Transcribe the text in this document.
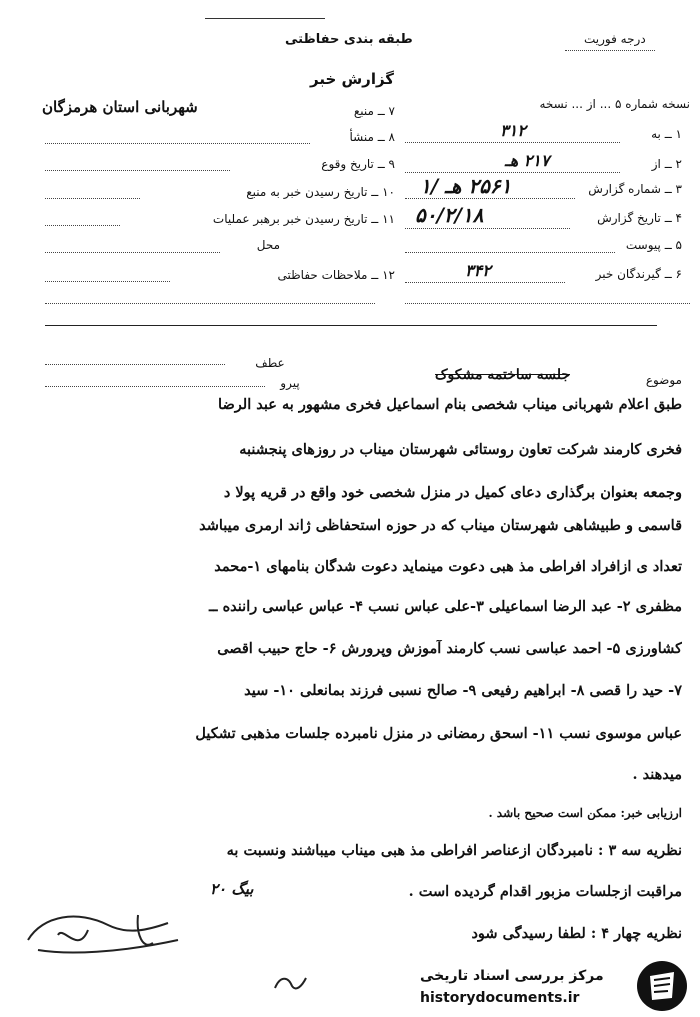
طبقه بندی حفاظتی	درجه فوریت
گزارش خبر
نسخه شماره ۵ ... از ... نسخه
۱ ــ به
۳۱۲
۲ ــ از
۲۱۷ هـ
۳ ــ شماره گزارش
۲۵۶۱ هـ /۱
۴ ــ تاریخ گزارش
۵۰/۲/۱۸
۵ ــ پیوست
۶ ــ گیرندگان خبر
۳۴۲
۷ ــ منبع
شهربانی استان هرمزگان
۸ ــ منشأ
۹ ــ تاریخ وقوع
۱۰ ــ تاریخ رسیدن خبر به منبع
۱۱ ــ تاریخ رسیدن خبر برهبر عملیات
محل
۱۲ ــ ملاحظات حفاظتی
عطف
موضوع
جلسه ساختمه مشکوک
پیرو
طبق اعلام شهربانی میناب شخصی بنام اسماعیل فخری مشهور به عبد الرضا
فخری کارمند شرکت تعاون روستائی شهرستان میناب در روزهای پنجشنبه
وجمعه بعنوان برگذاری دعای کمیل در منزل شخصی خود واقع در قریه پولا د
قاسمی و طبیشاهی شهرستان میناب که در حوزه استحفاظی ژاند ارمری میباشد
تعداد ی ازافراد افراطی مذ هبی دعوت مینماید دعوت شدگان بنامهای ۱-محمد
مظفری ۲- عبد الرضا اسماعیلی ۳-علی عباس نسب ۴- عباس عباسی راننده ــ
کشاورزی ۵- احمد عباسی نسب کارمند آموزش وپرورش ۶- حاج حبیب اقصی
۷- حید را قصی ۸- ابراهیم رفیعی ۹- صالح نسبی فرزند بمانعلی ۱۰- سید
عباس موسوی نسب ۱۱- اسحق رمضانی در منزل نامبرده جلسات مذهبی تشکیل
میدهند .
ارزیابی خبر: ممکن است صحیح باشد .
نظریه سه ۳ : نامبردگان ازعناصر افراطی مذ هبی میناب میباشند ونسبت به
مراقبت ازجلسات مزبور اقدام گردیده است .
بیگ ۲۰
نظریه چهار ۴ : لطفا رسیدگی شود
مرکز بررسی اسناد تاریخی
historydocuments.ir
